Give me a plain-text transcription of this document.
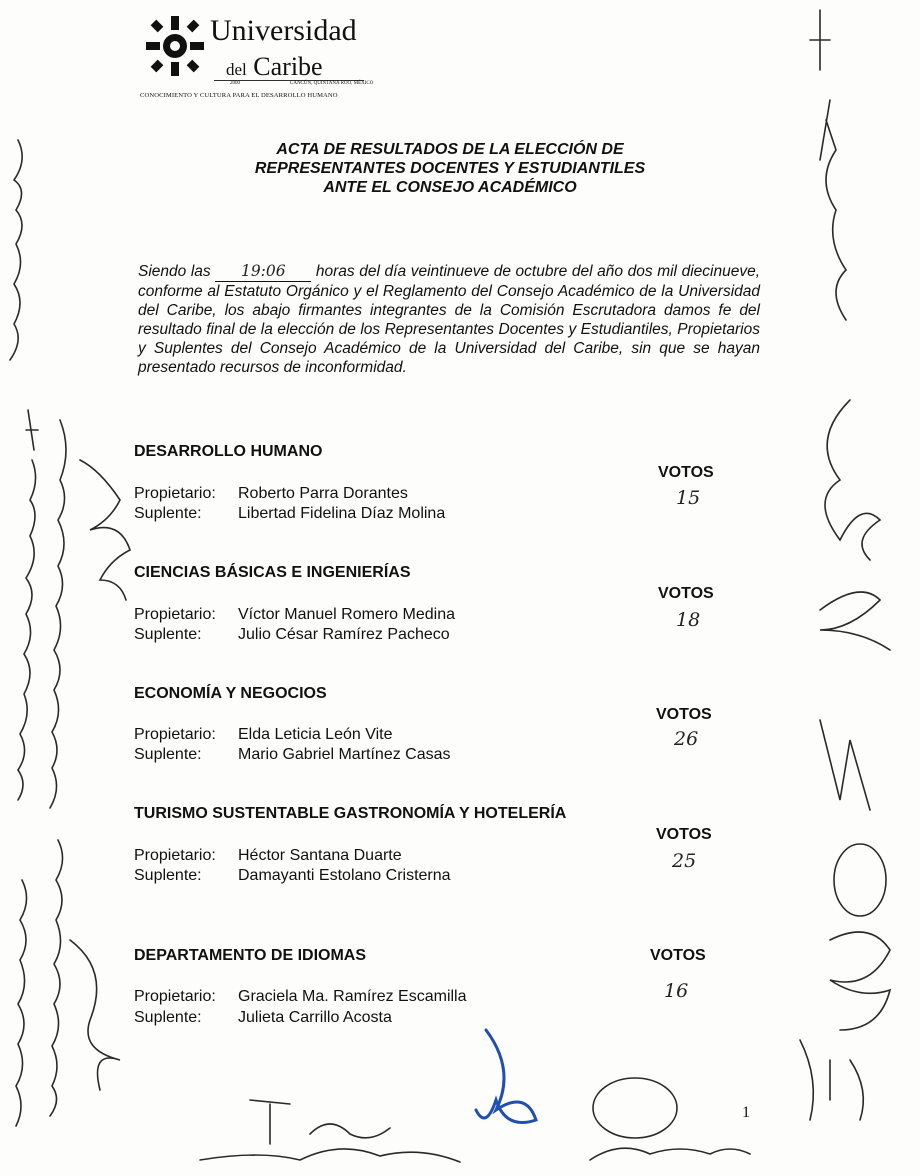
Universidad
del Caribe
2000	CANCÚN, QUINTANA ROO, MÉXICO
CONOCIMIENTO Y CULTURA PARA EL DESARROLLO HUMANO
ACTA DE RESULTADOS DE LA ELECCIÓN DE
REPRESENTANTES DOCENTES Y ESTUDIANTILES
ANTE EL CONSEJO ACADÉMICO
Siendo las 19:06 horas del día veintinueve de octubre del año dos mil diecinueve, conforme al Estatuto Orgánico y el Reglamento del Consejo Académico de la Universidad del Caribe, los abajo firmantes integrantes de la Comisión Escrutadora damos fe del resultado final de la elección de los Representantes Docentes y Estudiantiles, Propietarios y Suplentes del Consejo Académico de la Universidad del Caribe, sin que se hayan presentado recursos de inconformidad.
DESARROLLO HUMANO
VOTOS
15
Propietario: Roberto Parra Dorantes
Suplente: Libertad Fidelina Díaz Molina
CIENCIAS BÁSICAS E INGENIERÍAS
VOTOS
18
Propietario: Víctor Manuel Romero Medina
Suplente: Julio César Ramírez Pacheco
ECONOMÍA Y NEGOCIOS
VOTOS
26
Propietario: Elda Leticia León Vite
Suplente: Mario Gabriel Martínez Casas
TURISMO SUSTENTABLE GASTRONOMÍA Y HOTELERÍA
VOTOS
25
Propietario: Héctor Santana Duarte
Suplente: Damayanti Estolano Cristerna
DEPARTAMENTO DE IDIOMAS	VOTOS
16
Propietario: Graciela Ma. Ramírez Escamilla
Suplente: Julieta Carrillo Acosta
1
